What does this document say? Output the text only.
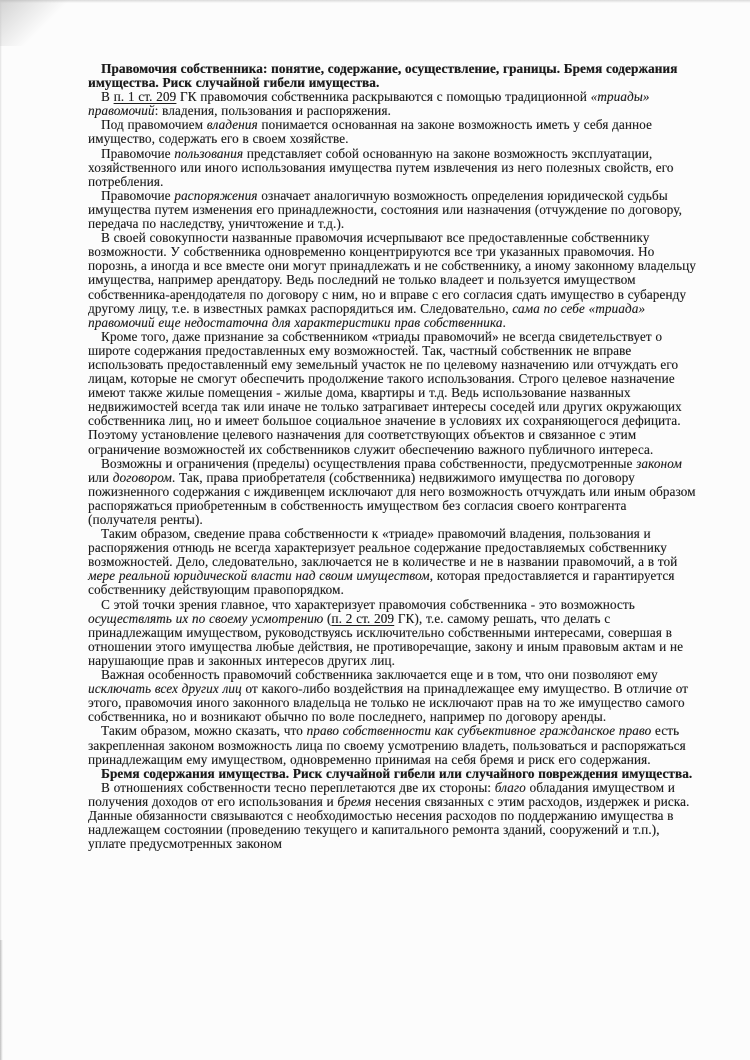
Правомочия собственника: понятие, содержание, осуществление, границы. Бремя содержания имущества. Риск случайной гибели имущества.

В п. 1 ст. 209 ГК правомочия собственника раскрываются с помощью традиционной «триады» правомочий: владения, пользования и распоряжения.

Под правомочием владения понимается основанная на законе возможность иметь у себя данное имущество, содержать его в своем хозяйстве.

Правомочие пользования представляет собой основанную на законе возможность эксплуатации, хозяйственного или иного использования имущества путем извлечения из него полезных свойств, его потребления.

Правомочие распоряжения означает аналогичную возможность определения юридической судьбы имущества путем изменения его принадлежности, состояния или назначения (отчуждение по договору, передача по наследству, уничтожение и т.д.).

В своей совокупности названные правомочия исчерпывают все предоставленные собственнику возможности. У собственника одновременно концентрируются все три указанных правомочия. Но порознь, а иногда и все вместе они могут принадлежать и не собственнику, а иному законному владельцу имущества, например арендатору. Ведь последний не только владеет и пользуется имуществом собственника-арендодателя по договору с ним, но и вправе с его согласия сдать имущество в субаренду другому лицу, т.е. в известных рамках распорядиться им. Следовательно, сама по себе «триада» правомочий еще недостаточна для характеристики прав собственника.

Кроме того, даже признание за собственником «триады правомочий» не всегда свидетельствует о широте содержания предоставленных ему возможностей. Так, частный собственник не вправе использовать предоставленный ему земельный участок не по целевому назначению или отчуждать его лицам, которые не смогут обеспечить продолжение такого использования. Строго целевое назначение имеют также жилые помещения - жилые дома, квартиры и т.д. Ведь использование названных недвижимостей всегда так или иначе не только затрагивает интересы соседей или других окружающих собственника лиц, но и имеет большое социальное значение в условиях их сохраняющегося дефицита. Поэтому установление целевого назначения для соответствующих объектов и связанное с этим ограничение возможностей их собственников служит обеспечению важного публичного интереса.

Возможны и ограничения (пределы) осуществления права собственности, предусмотренные законом или договором. Так, права приобретателя (собственника) недвижимого имущества по договору пожизненного содержания с иждивенцем исключают для него возможность отчуждать или иным образом распоряжаться приобретенным в собственность имуществом без согласия своего контрагента (получателя ренты).

Таким образом, сведение права собственности к «триаде» правомочий владения, пользования и распоряжения отнюдь не всегда характеризует реальное содержание предоставляемых собственнику возможностей. Дело, следовательно, заключается не в количестве и не в названии правомочий, а в той мере реальной юридической власти над своим имуществом, которая предоставляется и гарантируется собственнику действующим правопорядком.

С этой точки зрения главное, что характеризует правомочия собственника - это возможность осуществлять их по своему усмотрению (п. 2 ст. 209 ГК), т.е. самому решать, что делать с принадлежащим имуществом, руководствуясь исключительно собственными интересами, совершая в отношении этого имущества любые действия, не противоречащие, закону и иным правовым актам и не нарушающие прав и законных интересов других лиц.

Важная особенность правомочий собственника заключается еще и в том, что они позволяют ему исключать всех других лиц от какого-либо воздействия на принадлежащее ему имущество. В отличие от этого, правомочия иного законного владельца не только не исключают прав на то же имущество самого собственника, но и возникают обычно по воле последнего, например по договору аренды.

Таким образом, можно сказать, что право собственности как субъективное гражданское право есть закрепленная законом возможность лица по своему усмотрению владеть, пользоваться и распоряжаться принадлежащим ему имуществом, одновременно принимая на себя бремя и риск его содержания.

Бремя содержания имущества. Риск случайной гибели или случайного повреждения имущества.

В отношениях собственности тесно переплетаются две их стороны: благо обладания имуществом и получения доходов от его использования и бремя несения связанных с этим расходов, издержек и риска. Данные обязанности связываются с необходимостью несения расходов по поддержанию имущества в надлежащем состоянии (проведению текущего и капитального ремонта зданий, сооружений и т.п.), уплате предусмотренных законом
